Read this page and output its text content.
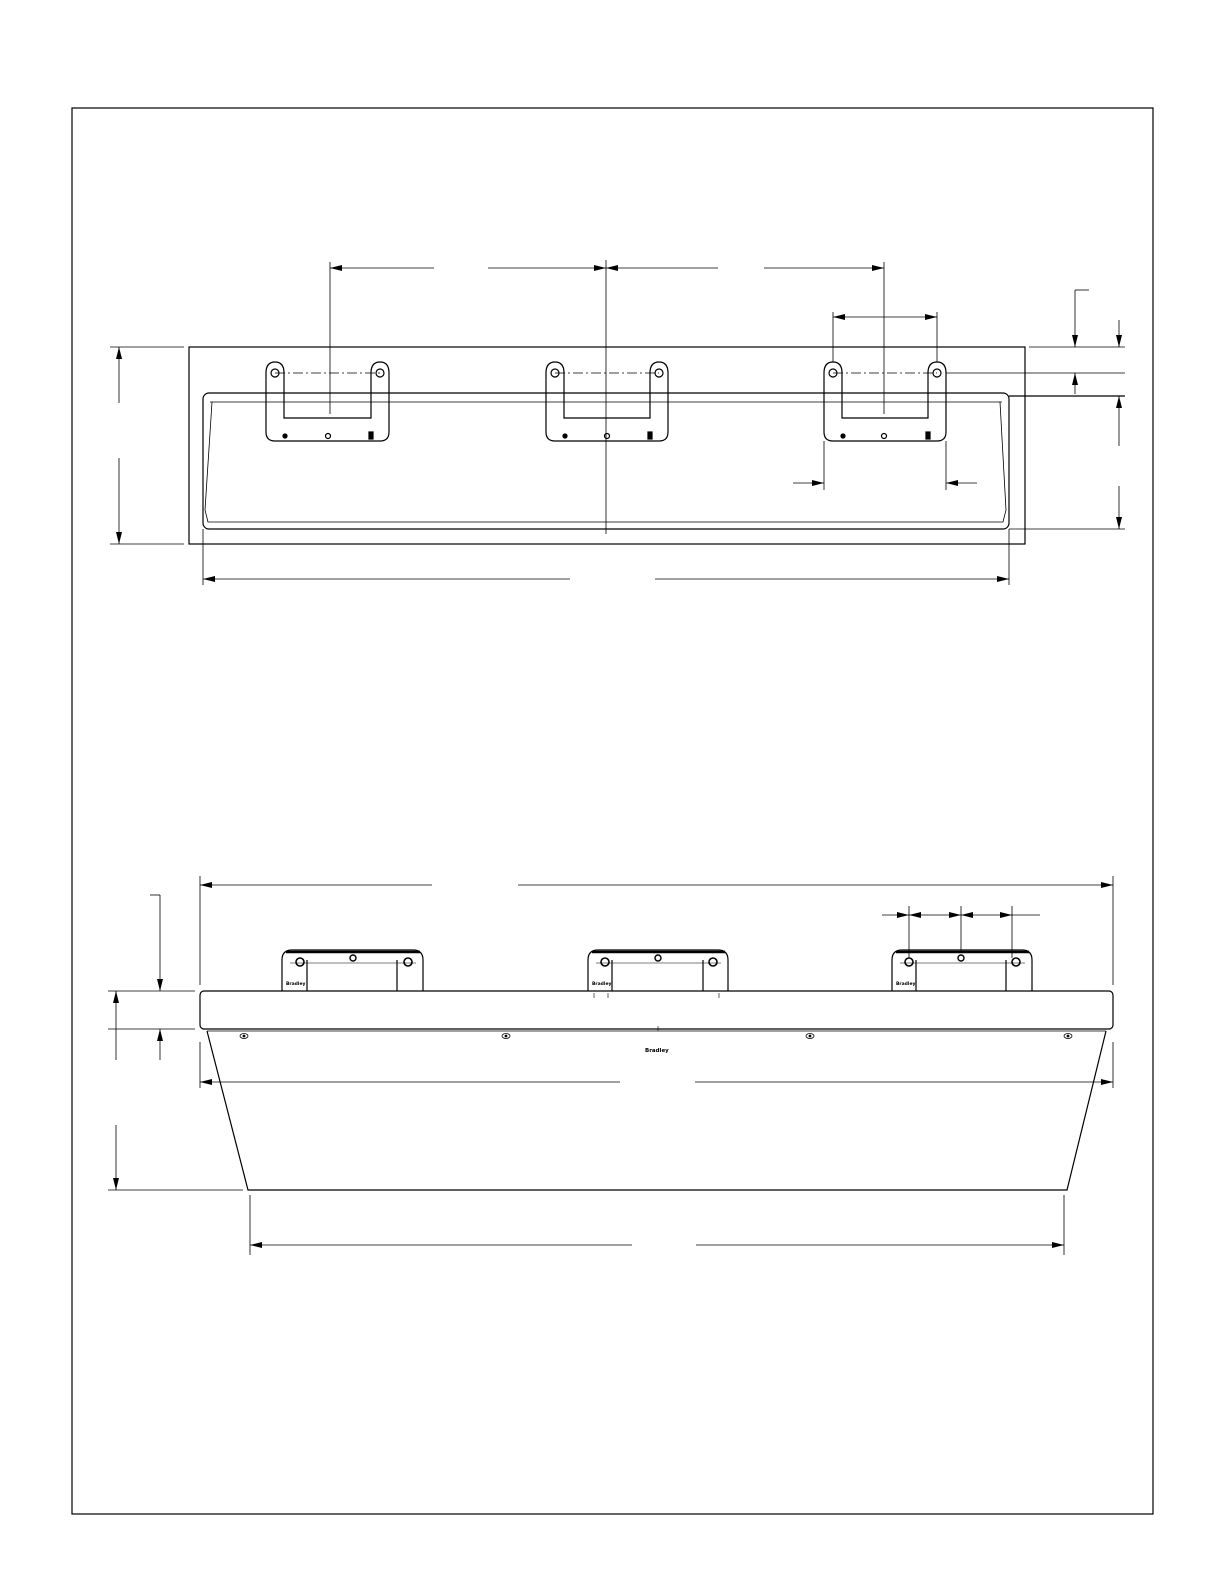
Bradley	Bradley	Bradley
Bradley
